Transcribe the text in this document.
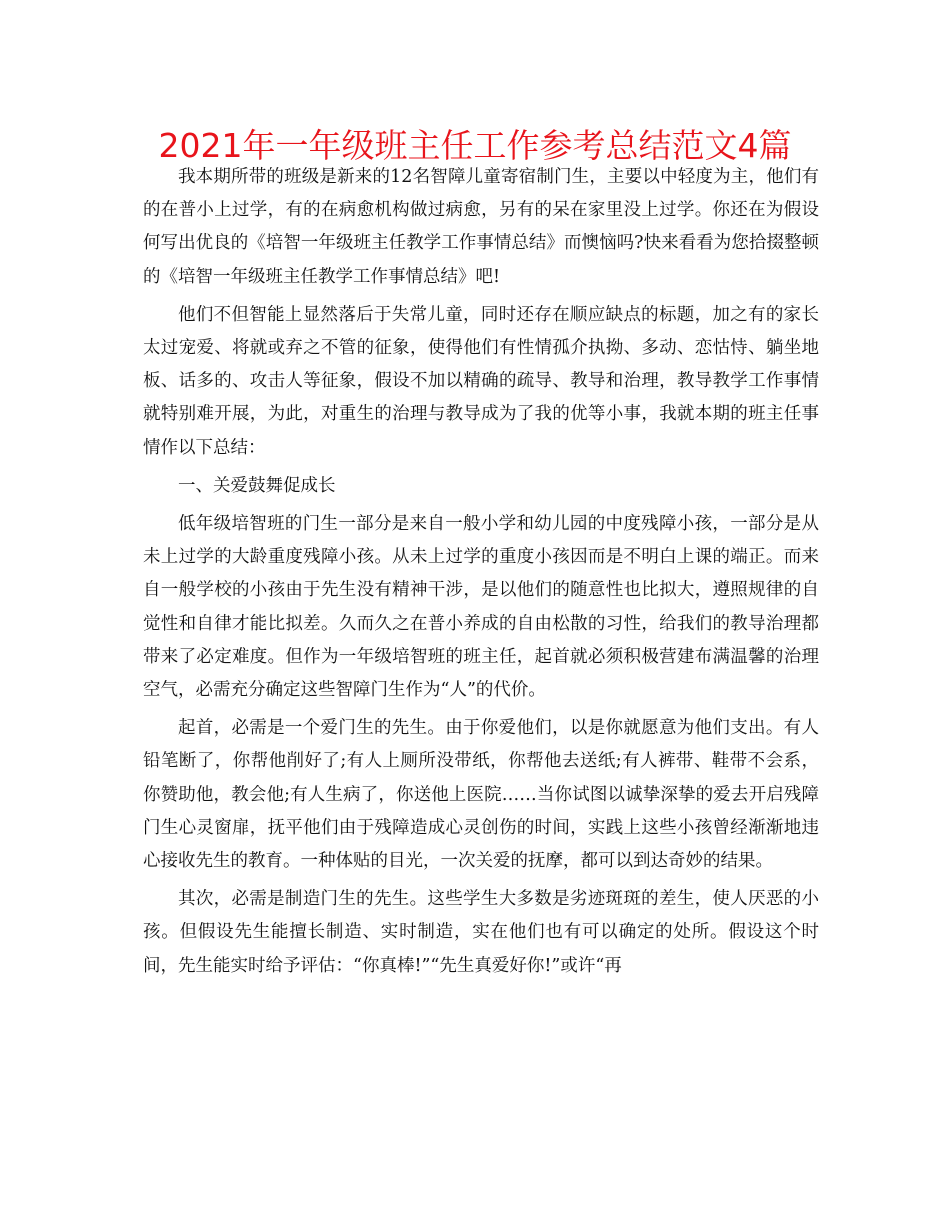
2021年一年级班主任工作参考总结范文4篇

我本期所带的班级是新来的12名智障儿童寄宿制门生，主要以中轻度为主，他们有的在普小上过学，有的在病愈机构做过病愈，另有的呆在家里没上过学。你还在为假设何写出优良的《培智一年级班主任教学工作事情总结》而懊恼吗?快来看看为您拾掇整顿的《培智一年级班主任教学工作事情总结》吧!

他们不但智能上显然落后于失常儿童，同时还存在顺应缺点的标题，加之有的家长太过宠爱、将就或弃之不管的征象，使得他们有性情孤介执拗、多动、恋怙恃、躺坐地板、话多的、攻击人等征象，假设不加以精确的疏导、教导和治理，教导教学工作事情就特别难开展，为此，对重生的治理与教导成为了我的优等小事，我就本期的班主任事情作以下总结：

一、关爱鼓舞促成长

低年级培智班的门生一部分是来自一般小学和幼儿园的中度残障小孩，一部分是从未上过学的大龄重度残障小孩。从未上过学的重度小孩因而是不明白上课的端正。而来自一般学校的小孩由于先生没有精神干涉，是以他们的随意性也比拟大，遵照规律的自觉性和自律才能比拟差。久而久之在普小养成的自由松散的习性，给我们的教导治理都带来了必定难度。但作为一年级培智班的班主任，起首就必须积极营建布满温馨的治理空气，必需充分确定这些智障门生作为“人”的代价。

起首，必需是一个爱门生的先生。由于你爱他们，以是你就愿意为他们支出。有人铅笔断了，你帮他削好了;有人上厕所没带纸，你帮他去送纸;有人裤带、鞋带不会系，你赞助他，教会他;有人生病了，你送他上医院……当你试图以诚挚深挚的爱去开启残障门生心灵窗扉，抚平他们由于残障造成心灵创伤的时间，实践上这些小孩曾经渐渐地违心接收先生的教育。一种体贴的目光，一次关爱的抚摩，都可以到达奇妙的结果。

其次，必需是制造门生的先生。这些学生大多数是劣迹斑斑的差生，使人厌恶的小孩。但假设先生能擅长制造、实时制造，实在他们也有可以确定的处所。假设这个时间，先生能实时给予评估：“你真棒!”“先生真爱好你!”或许“再
